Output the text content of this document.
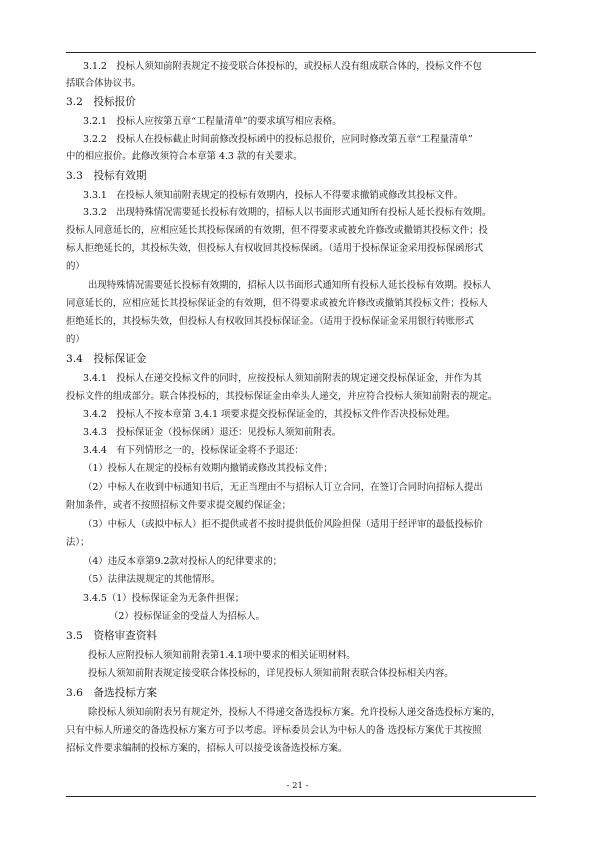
3.1.2　投标人须知前附表规定不接受联合体投标的，或投标人没有组成联合体的，投标文件不包
括联合体协议书。
3.2　投标报价
3.2.1　投标人应按第五章“工程量清单”的要求填写相应表格。
3.2.2　投标人在投标截止时间前修改投标函中的投标总报价，应同时修改第五章“工程量清单”
中的相应报价。此修改须符合本章第 4.3 款的有关要求。
3.3　投标有效期
3.3.1　在投标人须知前附表规定的投标有效期内，投标人不得要求撤销或修改其投标文件。
3.3.2　出现特殊情况需要延长投标有效期的，招标人以书面形式通知所有投标人延长投标有效期。
投标人同意延长的，应相应延长其投标保函的有效期，但不得要求或被允许修改或撤销其投标文件；投
标人拒绝延长的，其投标失效，但投标人有权收回其投标保函。（适用于投标保证金采用投标保函形式
的）
出现特殊情况需要延长投标有效期的，招标人以书面形式通知所有投标人延长投标有效期。投标人
同意延长的，应相应延长其投标保证金的有效期，但不得要求或被允许修改或撤销其投标文件；投标人
拒绝延长的，其投标失效，但投标人有权收回其投标保证金。（适用于投标保证金采用银行转账形式
的）
3.4　投标保证金
3.4.1　投标人在递交投标文件的同时，应按投标人须知前附表的规定递交投标保证金，并作为其
投标文件的组成部分。联合体投标的，其投标保证金由牵头人递交，并应符合投标人须知前附表的规定。
3.4.2　投标人不按本章第 3.4.1 项要求提交投标保证金的，其投标文件作否决投标处理。
3.4.3　投标保证金（投标保函）退还：见投标人须知前附表。
3.4.4　有下列情形之一的，投标保证金将不予退还：
（1）投标人在规定的投标有效期内撤销或修改其投标文件；
（2）中标人在收到中标通知书后，无正当理由不与招标人订立合同，在签订合同时向招标人提出
附加条件，或者不按照招标文件要求提交履约保证金；
（3）中标人（或拟中标人）拒不提供或者不按时提供低价风险担保（适用于经评审的最低投标价
法）；
（4）违反本章第9.2款对投标人的纪律要求的；
（5）法律法规规定的其他情形。
3.4.5（1）投标保证金为无条件担保；
（2）投标保证金的受益人为招标人。
3.5　资格审查资料
投标人应附投标人须知前附表第1.4.1项中要求的相关证明材料。
投标人须知前附表规定接受联合体投标的，详见投标人须知前附表联合体投标相关内容。
3.6　备选投标方案
除投标人须知前附表另有规定外，投标人不得递交备选投标方案。允许投标人递交备选投标方案的，
只有中标人所递交的备选投标方案方可予以考虑。评标委员会认为中标人的备 选投标方案优于其按照
招标文件要求编制的投标方案的，招标人可以接受该备选投标方案。
- 21 -
